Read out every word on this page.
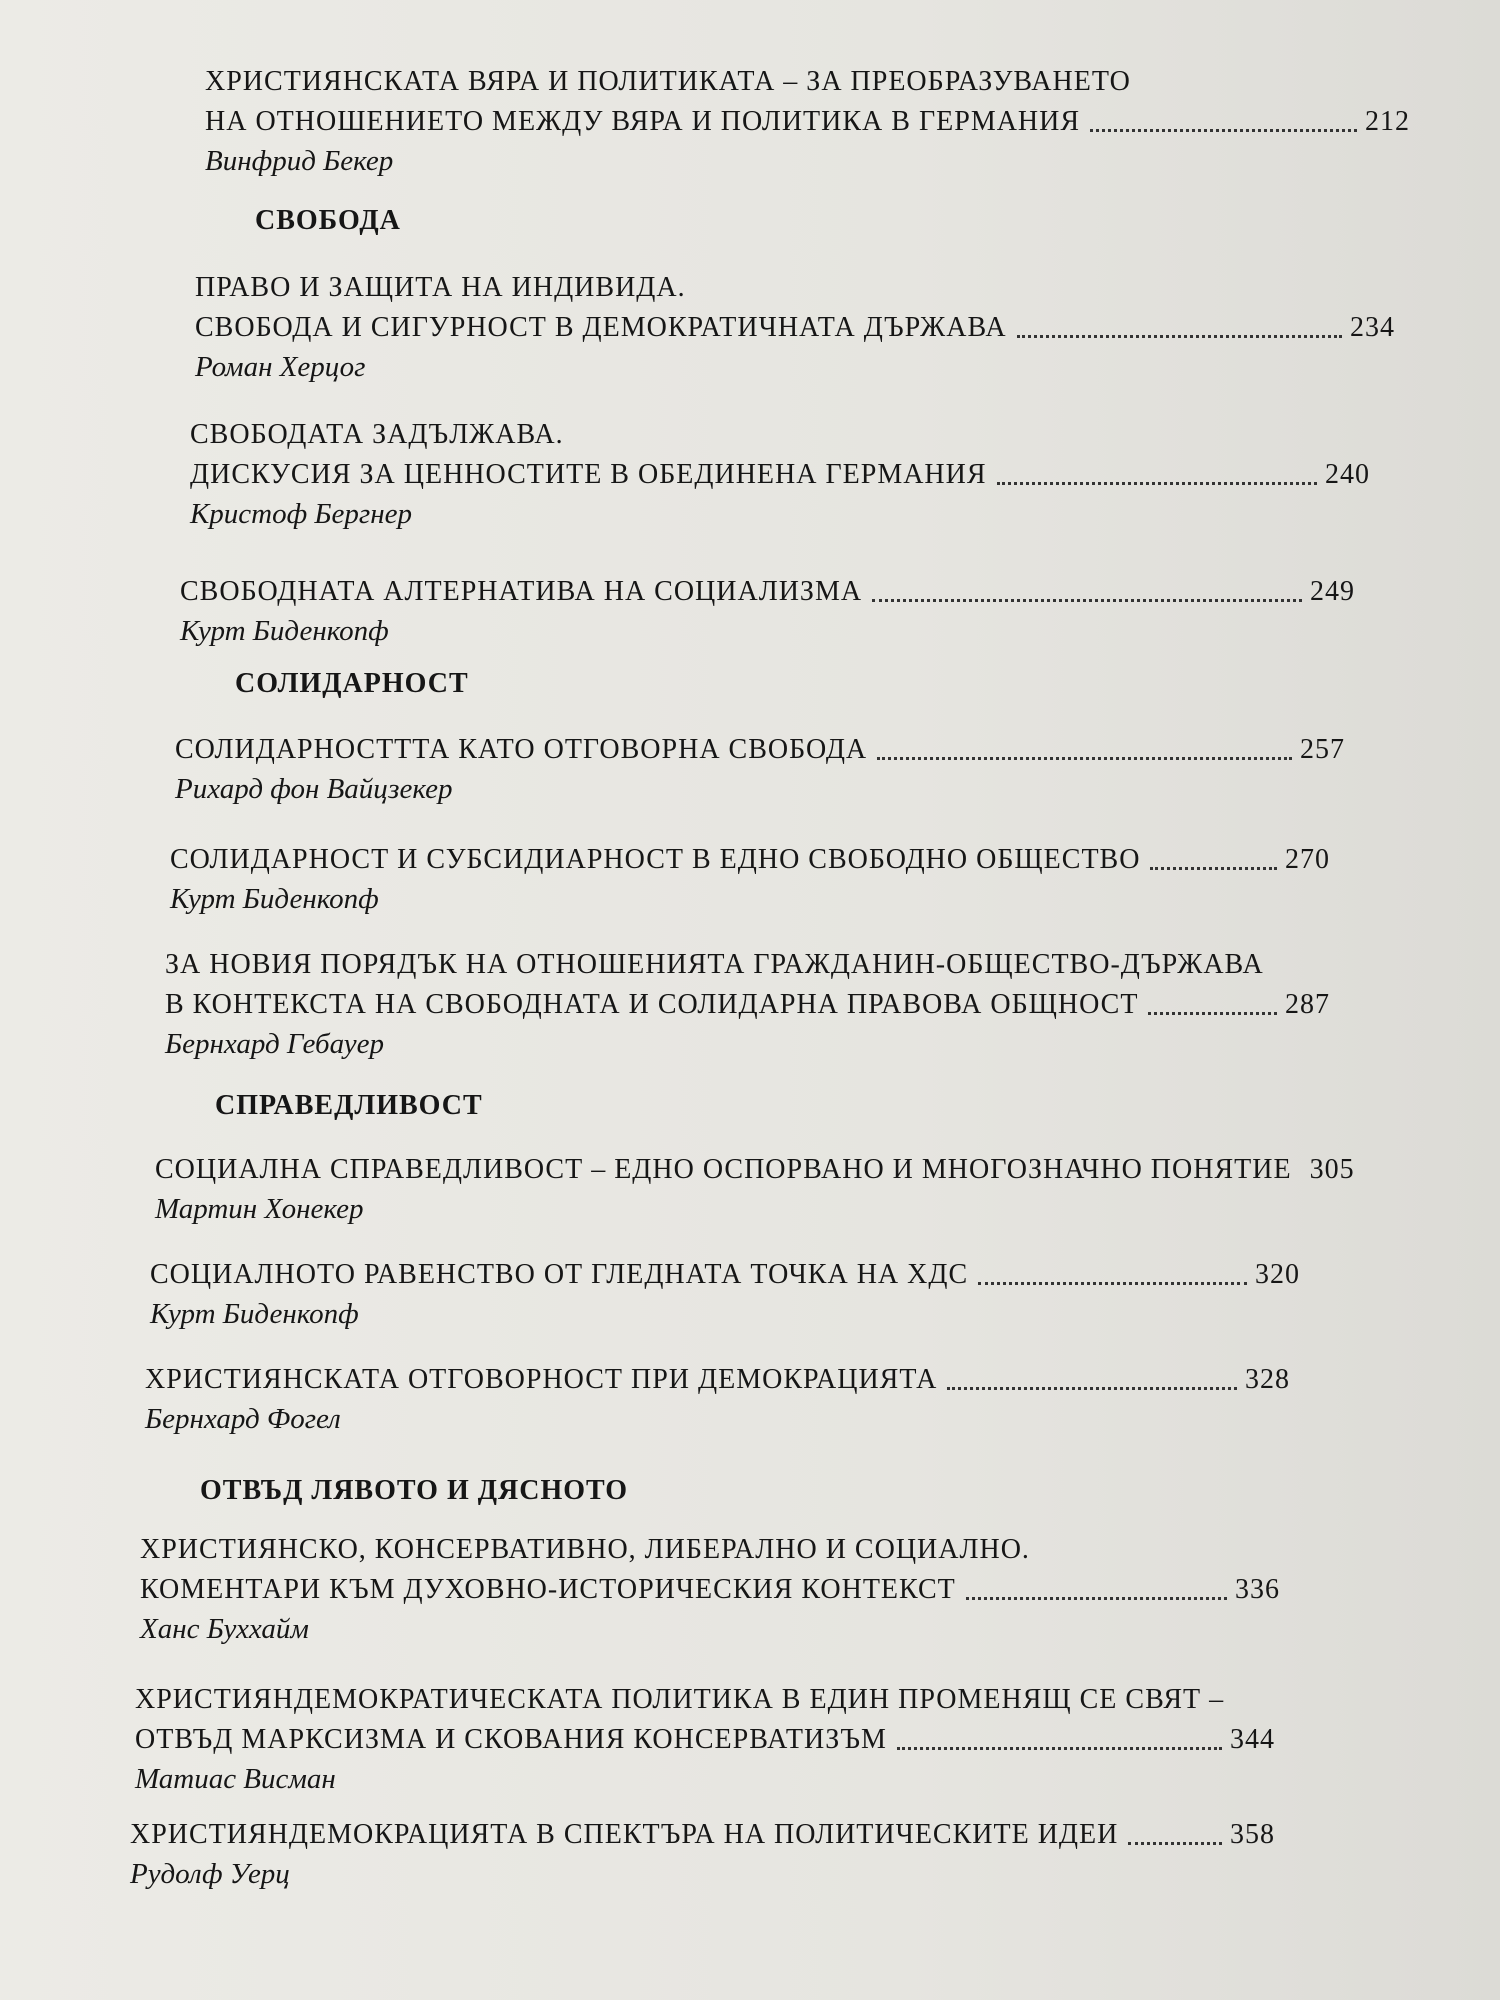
ХРИСТИЯНСКАТА ВЯРА И ПОЛИТИКАТА – ЗА ПРЕОБРАЗУВАНЕТО
НА ОТНОШЕНИЕТО МЕЖДУ ВЯРА И ПОЛИТИКА В ГЕРМАНИЯ	212
Винфрид Бекер
СВОБОДА
ПРАВО И ЗАЩИТА НА ИНДИВИДА.
СВОБОДА И СИГУРНОСТ В ДЕМОКРАТИЧНАТА ДЪРЖАВА	234
Роман Херцог
СВОБОДАТА ЗАДЪЛЖАВА.
ДИСКУСИЯ ЗА ЦЕННОСТИТЕ В ОБЕДИНЕНА ГЕРМАНИЯ	240
Кристоф Бергнер
СВОБОДНАТА АЛТЕРНАТИВА НА СОЦИАЛИЗМА	249
Курт Биденкопф
СОЛИДАРНОСТ
СОЛИДАРНОСТТТА КАТО ОТГОВОРНА СВОБОДА	257
Рихард фон Вайцзекер
СОЛИДАРНОСТ И СУБСИДИАРНОСТ В ЕДНО СВОБОДНО ОБЩЕСТВО	270
Курт Биденкопф
ЗА НОВИЯ ПОРЯДЪК НА ОТНОШЕНИЯТА ГРАЖДАНИН-ОБЩЕСТВО-ДЪРЖАВА
В КОНТЕКСТА НА СВОБОДНАТА И СОЛИДАРНА ПРАВОВА ОБЩНОСТ	287
Бернхард Гебауер
СПРАВЕДЛИВОСТ
СОЦИАЛНА СПРАВЕДЛИВОСТ – ЕДНО ОСПОРВАНО И МНОГОЗНАЧНО ПОНЯТИЕ 305
Мартин Хонекер
СОЦИАЛНОТО РАВЕНСТВО ОТ ГЛЕДНАТА ТОЧКА НА ХДС	320
Курт Биденкопф
ХРИСТИЯНСКАТА ОТГОВОРНОСТ ПРИ ДЕМОКРАЦИЯТА	328
Бернхард Фогел
ОТВЪД ЛЯВОТО И ДЯСНОТО
ХРИСТИЯНСКО, КОНСЕРВАТИВНО, ЛИБЕРАЛНО И СОЦИАЛНО.
КОМЕНТАРИ КЪМ ДУХОВНО-ИСТОРИЧЕСКИЯ КОНТЕКСТ	336
Ханс Буххайм
ХРИСТИЯНДЕМОКРАТИЧЕСКАТА ПОЛИТИКА В ЕДИН ПРОМЕНЯЩ СЕ СВЯТ –
ОТВЪД МАРКСИЗМА И СКОВАНИЯ КОНСЕРВАТИЗЪМ	344
Матиас Висман
ХРИСТИЯНДЕМОКРАЦИЯТА В СПЕКТЪРА НА ПОЛИТИЧЕСКИТЕ ИДЕИ	358
Рудолф Уерц
